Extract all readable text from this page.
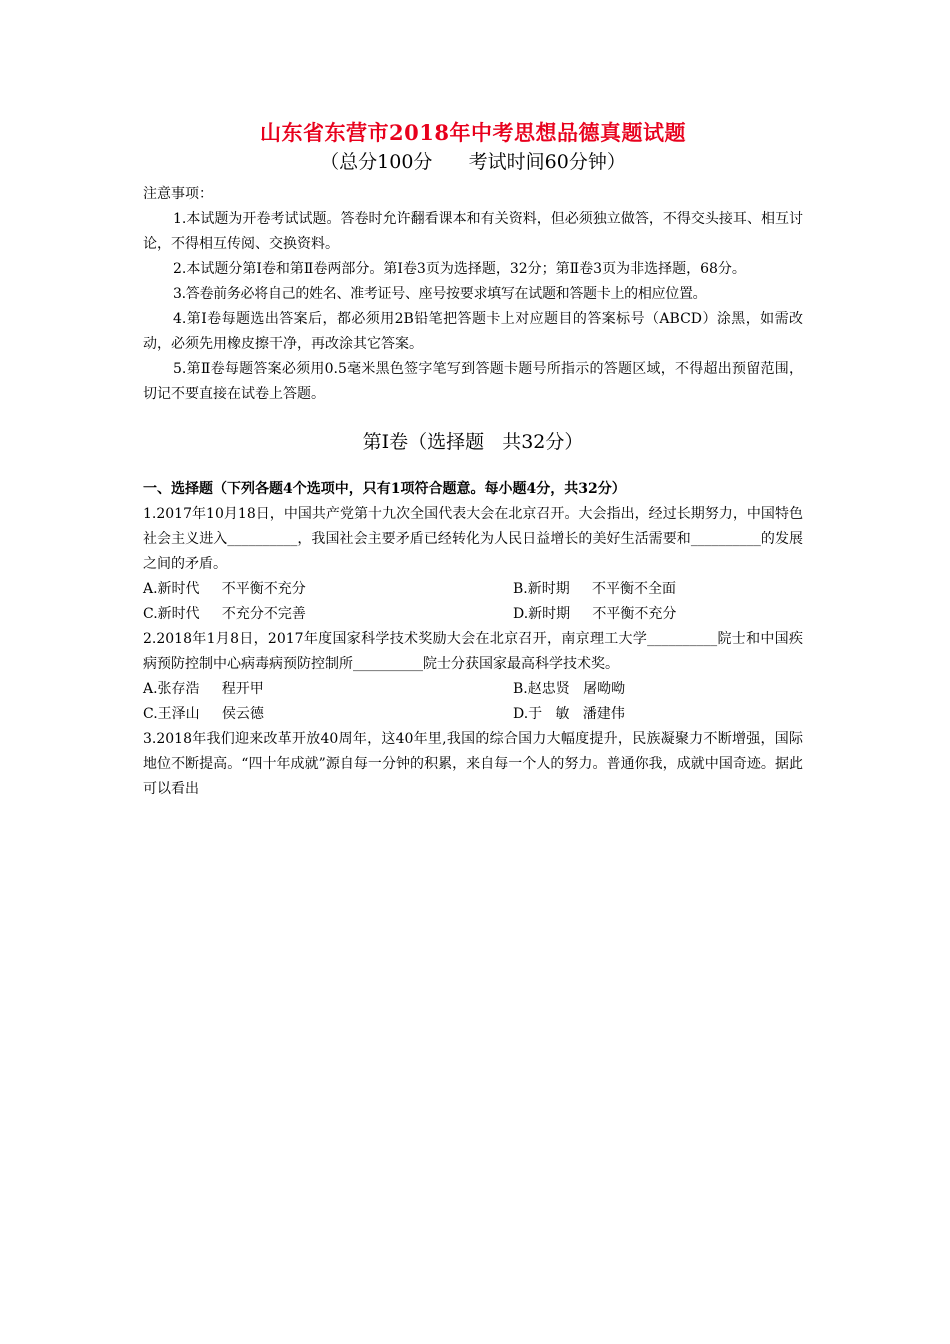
山东省东营市2018年中考思想品德真题试题

（总分100分      考试时间60分钟）

注意事项：

1.本试题为开卷考试试题。答卷时允许翻看课本和有关资料，但必须独立做答，不得交头接耳、相互讨论，不得相互传阅、交换资料。

2.本试题分第Ⅰ卷和第Ⅱ卷两部分。第Ⅰ卷3页为选择题，32分；第Ⅱ卷3页为非选择题，68分。

3.答卷前务必将自己的姓名、准考证号、座号按要求填写在试题和答题卡上的相应位置。

4.第Ⅰ卷每题选出答案后，都必须用2B铅笔把答题卡上对应题目的答案标号（ABCD）涂黑，如需改动，必须先用橡皮擦干净，再改涂其它答案。

5.第Ⅱ卷每题答案必须用0.5毫米黑色签字笔写到答题卡题号所指示的答题区域，不得超出预留范围，切记不要直接在试卷上答题。

第Ⅰ卷（选择题   共32分）

一、选择题（下列各题4个选项中，只有1项符合题意。每小题4分，共32分）

1.2017年10月18日，中国共产党第十九次全国代表大会在北京召开。大会指出，经过长期努力，中国特色社会主义进入__________，我国社会主要矛盾已经转化为人民日益增长的美好生活需要和__________的发展之间的矛盾。

A.新时代     不平衡不充分	B.新时期     不平衡不全面
C.新时代     不充分不完善	D.新时期     不平衡不充分

2.2018年1月8日，2017年度国家科学技术奖励大会在北京召开，南京理工大学__________院士和中国疾病预防控制中心病毒病预防控制所__________院士分获国家最高科学技术奖。

A.张存浩     程开甲	B.赵忠贤   屠呦呦
C.王泽山     侯云德	D.于   敏   潘建伟

3.2018年我们迎来改革开放40周年，这40年里,我国的综合国力大幅度提升，民族凝聚力不断增强，国际地位不断提高。“四十年成就”源自每一分钟的积累，来自每一个人的努力。普通你我，成就中国奇迹。据此可以看出
